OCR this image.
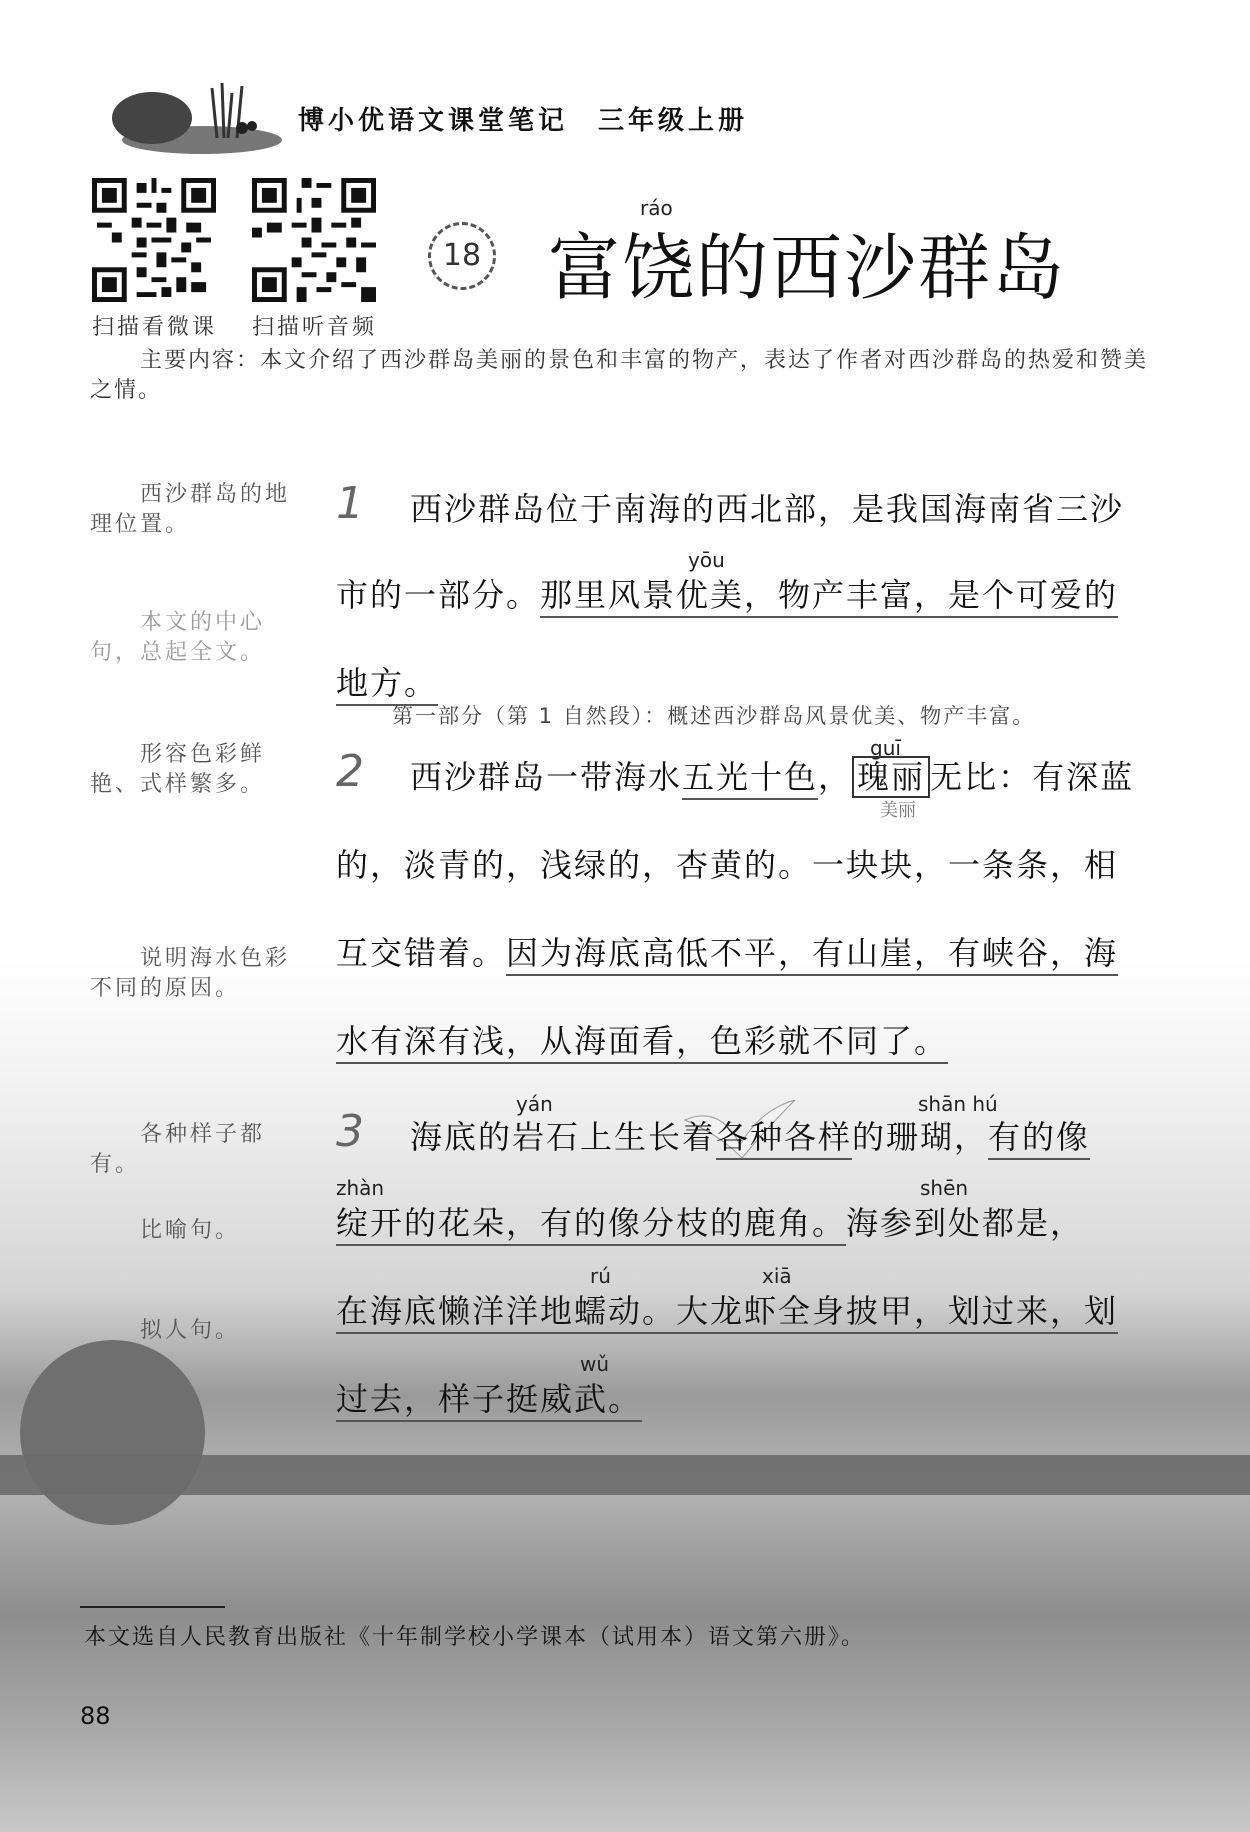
博小优语文课堂笔记　三年级上册
扫描看微课 扫描听音频
18
ráo
富饶的西沙群岛
主要内容：本文介绍了西沙群岛美丽的景色和丰富的物产，表达了作者对西沙群岛的热爱和赞美之情。
西沙群岛的地理位置。
本文的中心句，总起全文。
形容色彩鲜艳、式样繁多。
说明海水色彩不同的原因。
各种样子都有。
比喻句。
拟人句。
1 西沙群岛位于南海的西北部，是我国海南省三沙
yōu
市的一部分。那里风景优美，物产丰富，是个可爱的
地方。
第一部分（第 1 自然段）：概述西沙群岛风景优美、物产丰富。
2	guī
西沙群岛一带海水五光十色， 瑰丽 无比：有深蓝
美丽
的，淡青的，浅绿的，杏黄的。一块块，一条条，相
互交错着。因为海底高低不平，有山崖，有峡谷，海
水有深有浅，从海面看，色彩就不同了。
3
yán	shān hú
海底的岩石上生长着各种各样的珊瑚，有的像
zhàn	shēn
绽开的花朵，有的像分枝的鹿角。海参到处都是，
rú	xiā
在海底懒洋洋地蠕动。大龙虾全身披甲，划过来，划
wǔ
过去，样子挺威武。
本文选自人民教育出版社《十年制学校小学课本（试用本）语文第六册》。
88
